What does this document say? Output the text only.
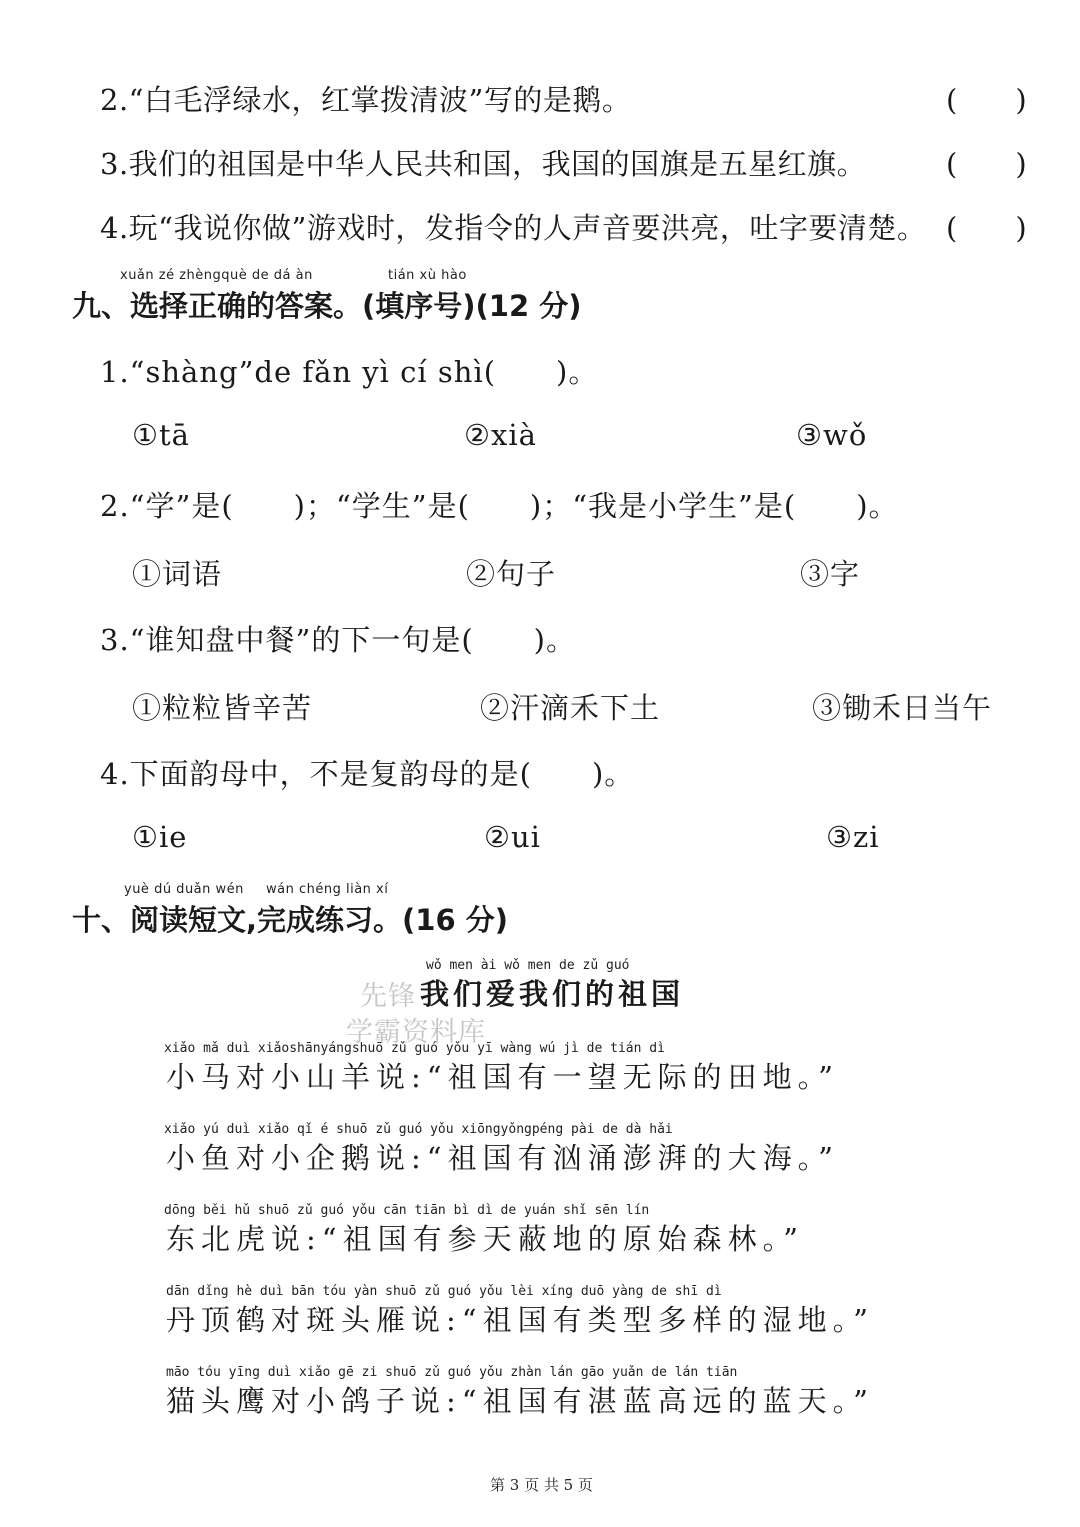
2.“白毛浮绿水，红掌拨清波”写的是鹅。	(　　)
3.我们的祖国是中华人民共和国，我国的国旗是五星红旗。	(　　)
4.玩“我说你做”游戏时，发指令的人声音要洪亮，吐字要清楚。 (　　)
xuǎn zé zhèngquè de dá àn	tián xù hào
九、选择正确的答案。(填序号)(12 分)
1.“shàng”de fǎn yì cí shì(　　)。
①tā	②xià	③wǒ
2.“学”是(　　)；“学生”是(　　)；“我是小学生”是(　　)。
①词语	②句子	③字
3.“谁知盘中餐”的下一句是(　　)。
①粒粒皆辛苦	②汗滴禾下土	③锄禾日当午
4.下面韵母中，不是复韵母的是(　　)。
①ie	②ui	③zi
yuè dú duǎn wén wán chéng liàn xí
十、阅读短文,完成练习。(16 分)
wǒ men ài wǒ men de zǔ guó
我们爱我们的祖国
先锋
学霸资料库
xiǎo mǎ duì xiǎoshānyángshuō zǔ guó yǒu yī wàng wú jì de tián dì
小马对小山羊说:“祖国有一望无际的田地。”
xiǎo yú duì xiǎo qǐ é shuō zǔ guó yǒu xiōngyǒngpéng pài de dà hǎi
小鱼对小企鹅说:“祖国有汹涌澎湃的大海。”
dōng běi hǔ shuō zǔ guó yǒu cān tiān bì dì de yuán shǐ sēn lín
东北虎说:“祖国有参天蔽地的原始森林。”
dān dǐng hè duì bān tóu yàn shuō zǔ guó yǒu lèi xíng duō yàng de shī dì
丹顶鹤对斑头雁说:“祖国有类型多样的湿地。”
māo tóu yīng duì xiǎo gē zi shuō zǔ guó yǒu zhàn lán gāo yuǎn de lán tiān
猫头鹰对小鸽子说:“祖国有湛蓝高远的蓝天。”
第 3 页 共 5 页
